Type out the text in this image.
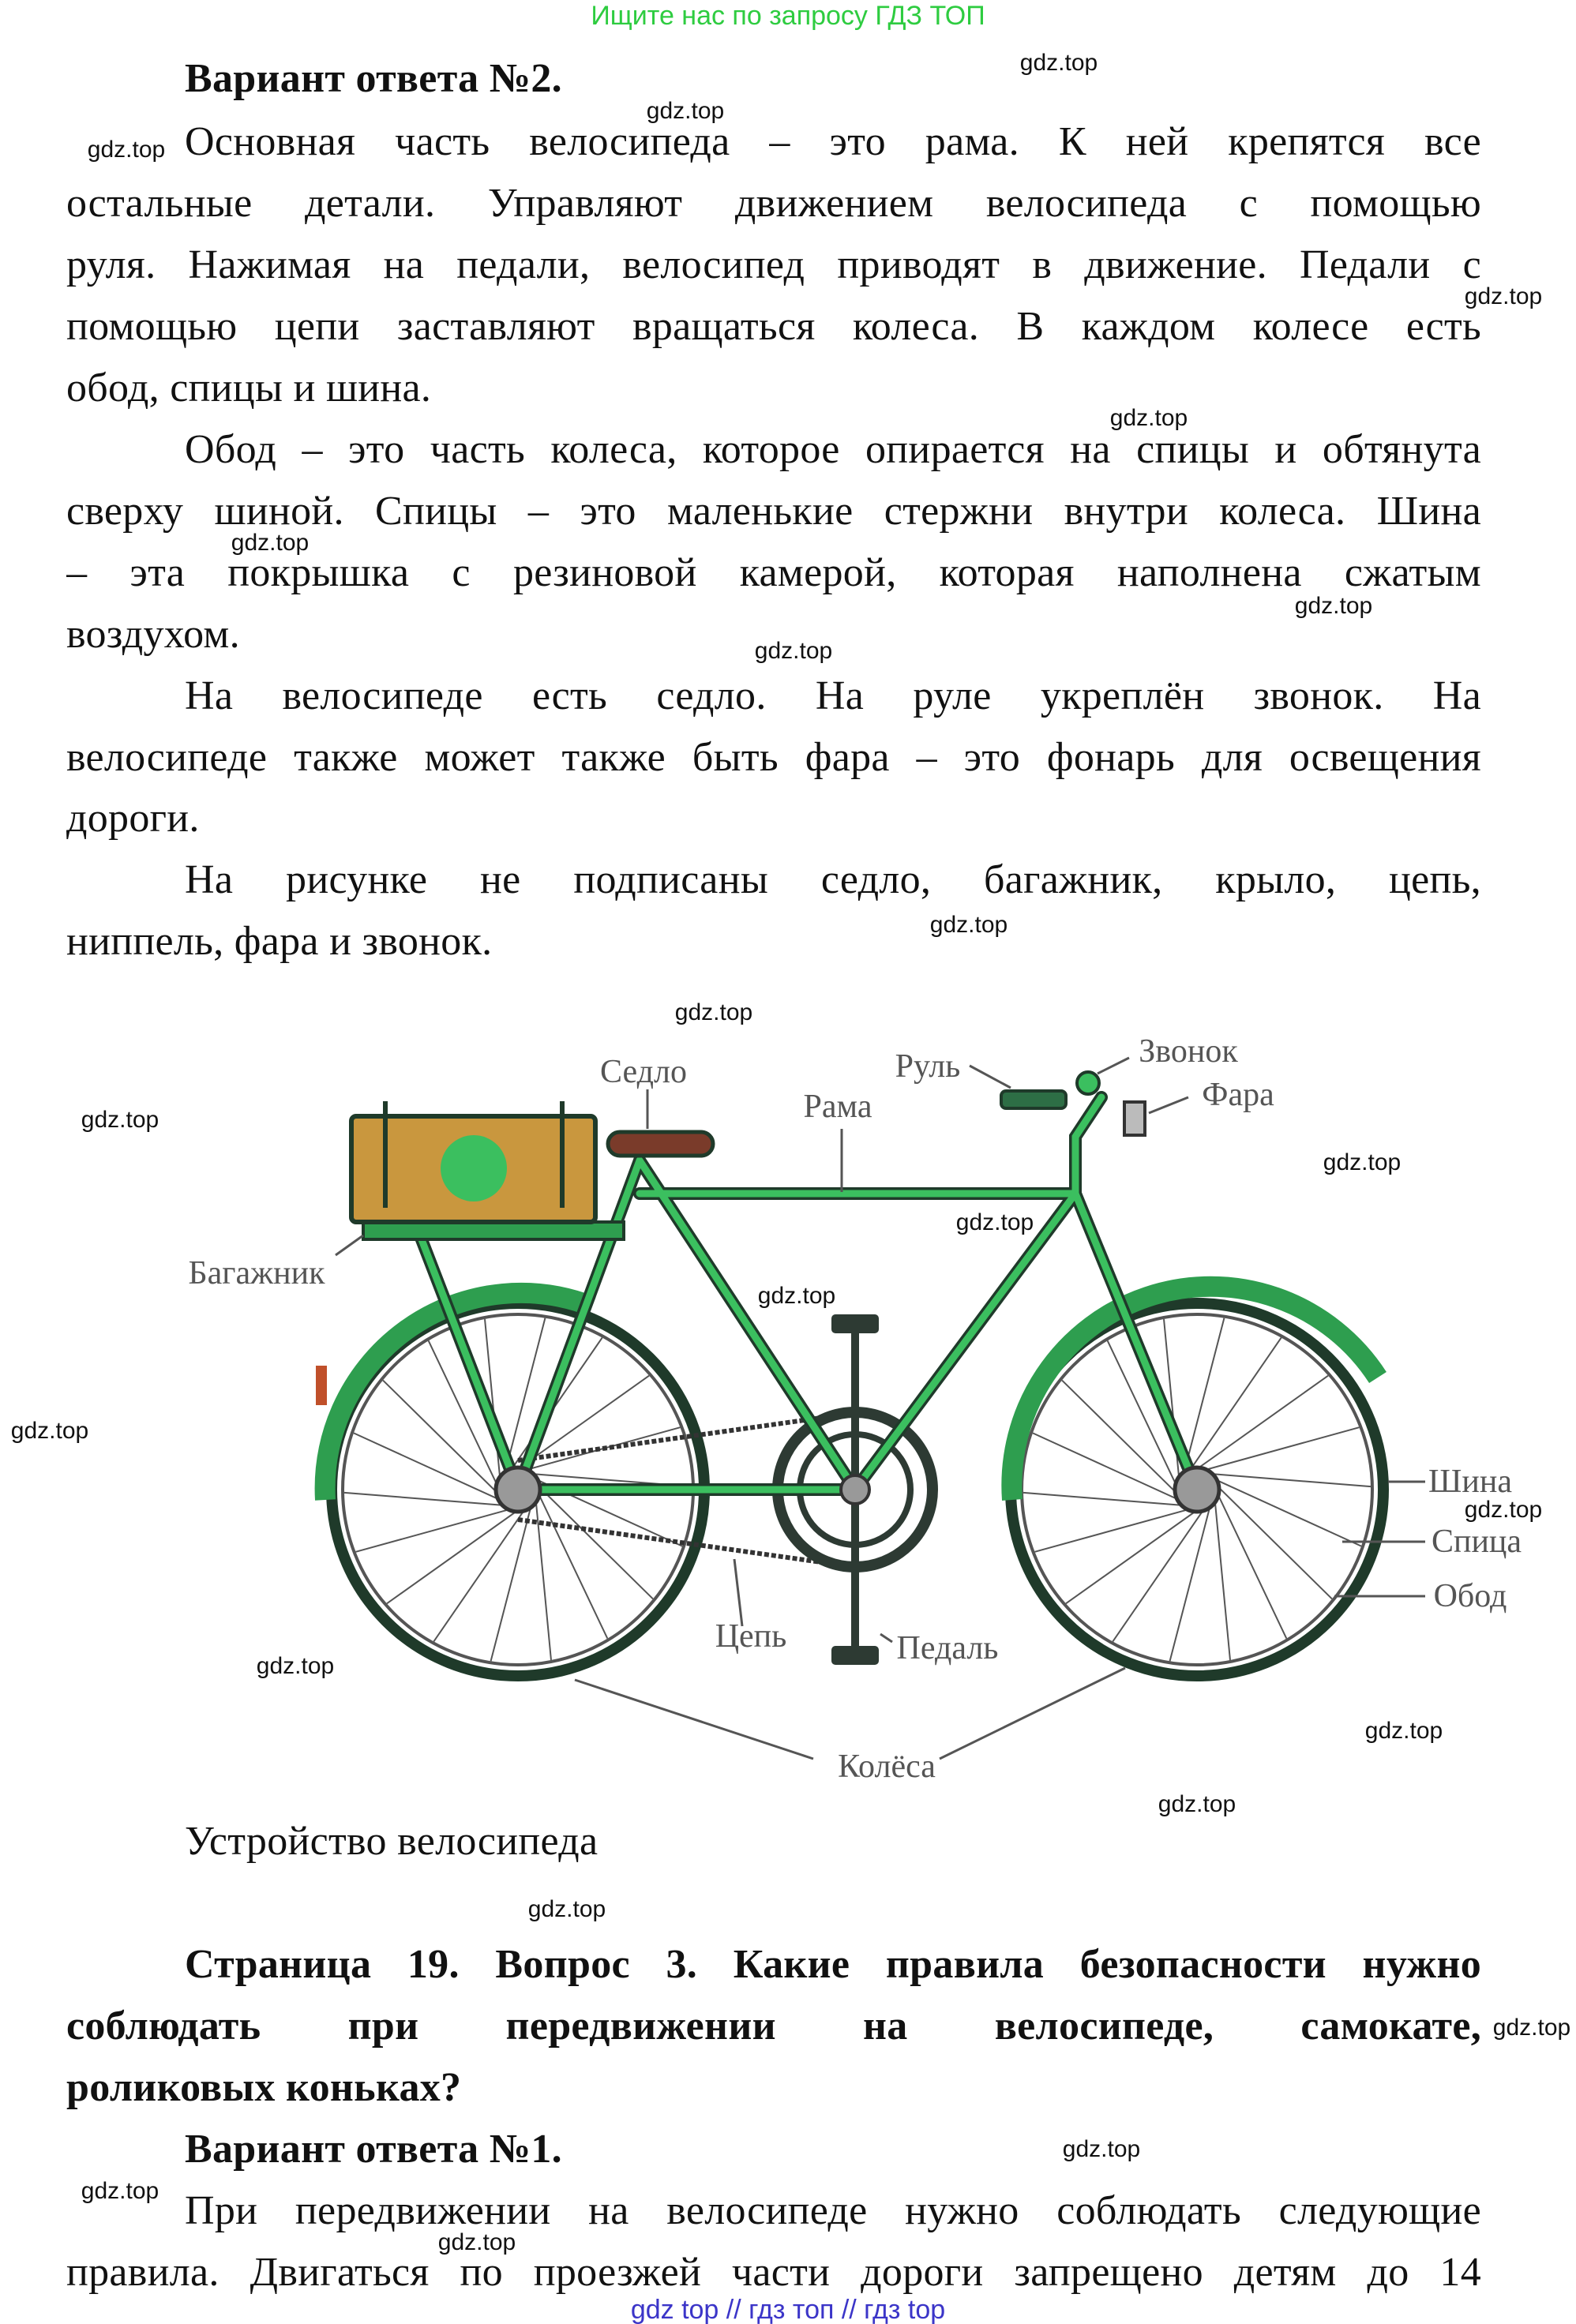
Ищите нас по запросу ГДЗ ТОП
Вариант ответа №2.
Основная часть велосипеда – это рама. К ней крепятся все
остальные детали. Управляют движением велосипеда с помощью
руля. Нажимая на педали, велосипед приводят в движение. Педали с
помощью цепи заставляют вращаться колеса. В каждом колесе есть
обод, спицы и шина.
Обод – это часть колеса, которое опирается на спицы и обтянута
сверху шиной. Спицы – это маленькие стержни внутри колеса. Шина
– эта покрышка с резиновой камерой, которая наполнена сжатым
воздухом.
На велосипеде есть седло. На руле укреплён звонок. На
велосипеде также может также быть фара – это фонарь для освещения
дороги.
На рисунке не подписаны седло, багажник, крыло, цепь,
ниппель, фара и звонок.
Седло
Рама
Руль	Звонок
Фара
Багажник
Шина
Спица
Обод
Цепь	Педаль
Колёса
Устройство велосипеда
Страница 19. Вопрос 3. Какие правила безопасности нужно
соблюдать при передвижении на велосипеде, самокате,
роликовых коньках?
Вариант ответа №1.
При передвижении на велосипеде нужно соблюдать следующие
правила. Двигаться по проезжей части дороги запрещено детям до 14
gdz top // гдз топ // гдз top
gdz.top
gdz.top
gdz.top
gdz.top
gdz.top
gdz.top
gdz.top
gdz.top
gdz.top
gdz.top
gdz.top
gdz.top
gdz.top
gdz.top
gdz.top
gdz.top
gdz.top
gdz.top
gdz.top
gdz.top
gdz.top
gdz.top
gdz.top
gdz.top
